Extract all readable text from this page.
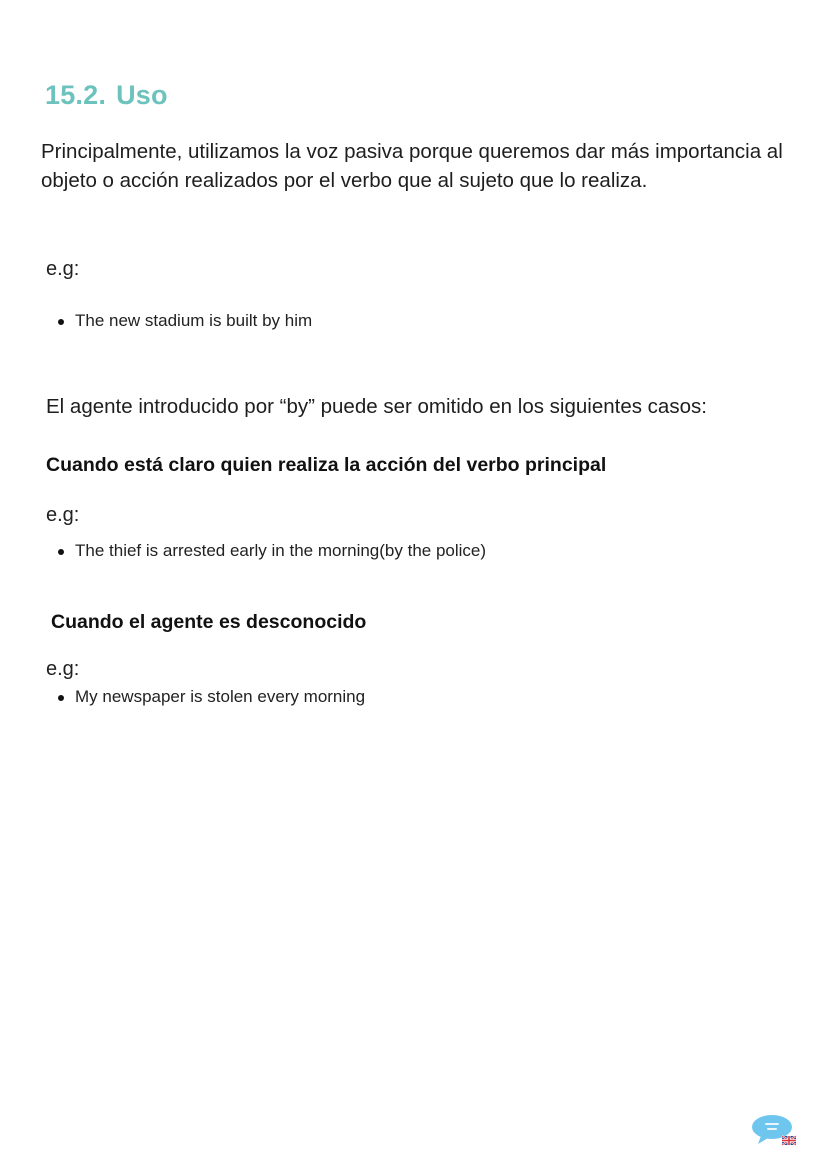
15.2. Uso

Principalmente, utilizamos la voz pasiva porque queremos dar más importancia al objeto o acción realizados por el verbo que al sujeto que lo realiza.

e.g:
The new stadium is built by him

El agente introducido por “by” puede ser omitido en los siguientes casos:

Cuando está claro quien realiza la acción del verbo principal
e.g:
The thief is arrested early in the morning(by the police)
Cuando el agente es desconocido
e.g:
My newspaper is stolen every morning
